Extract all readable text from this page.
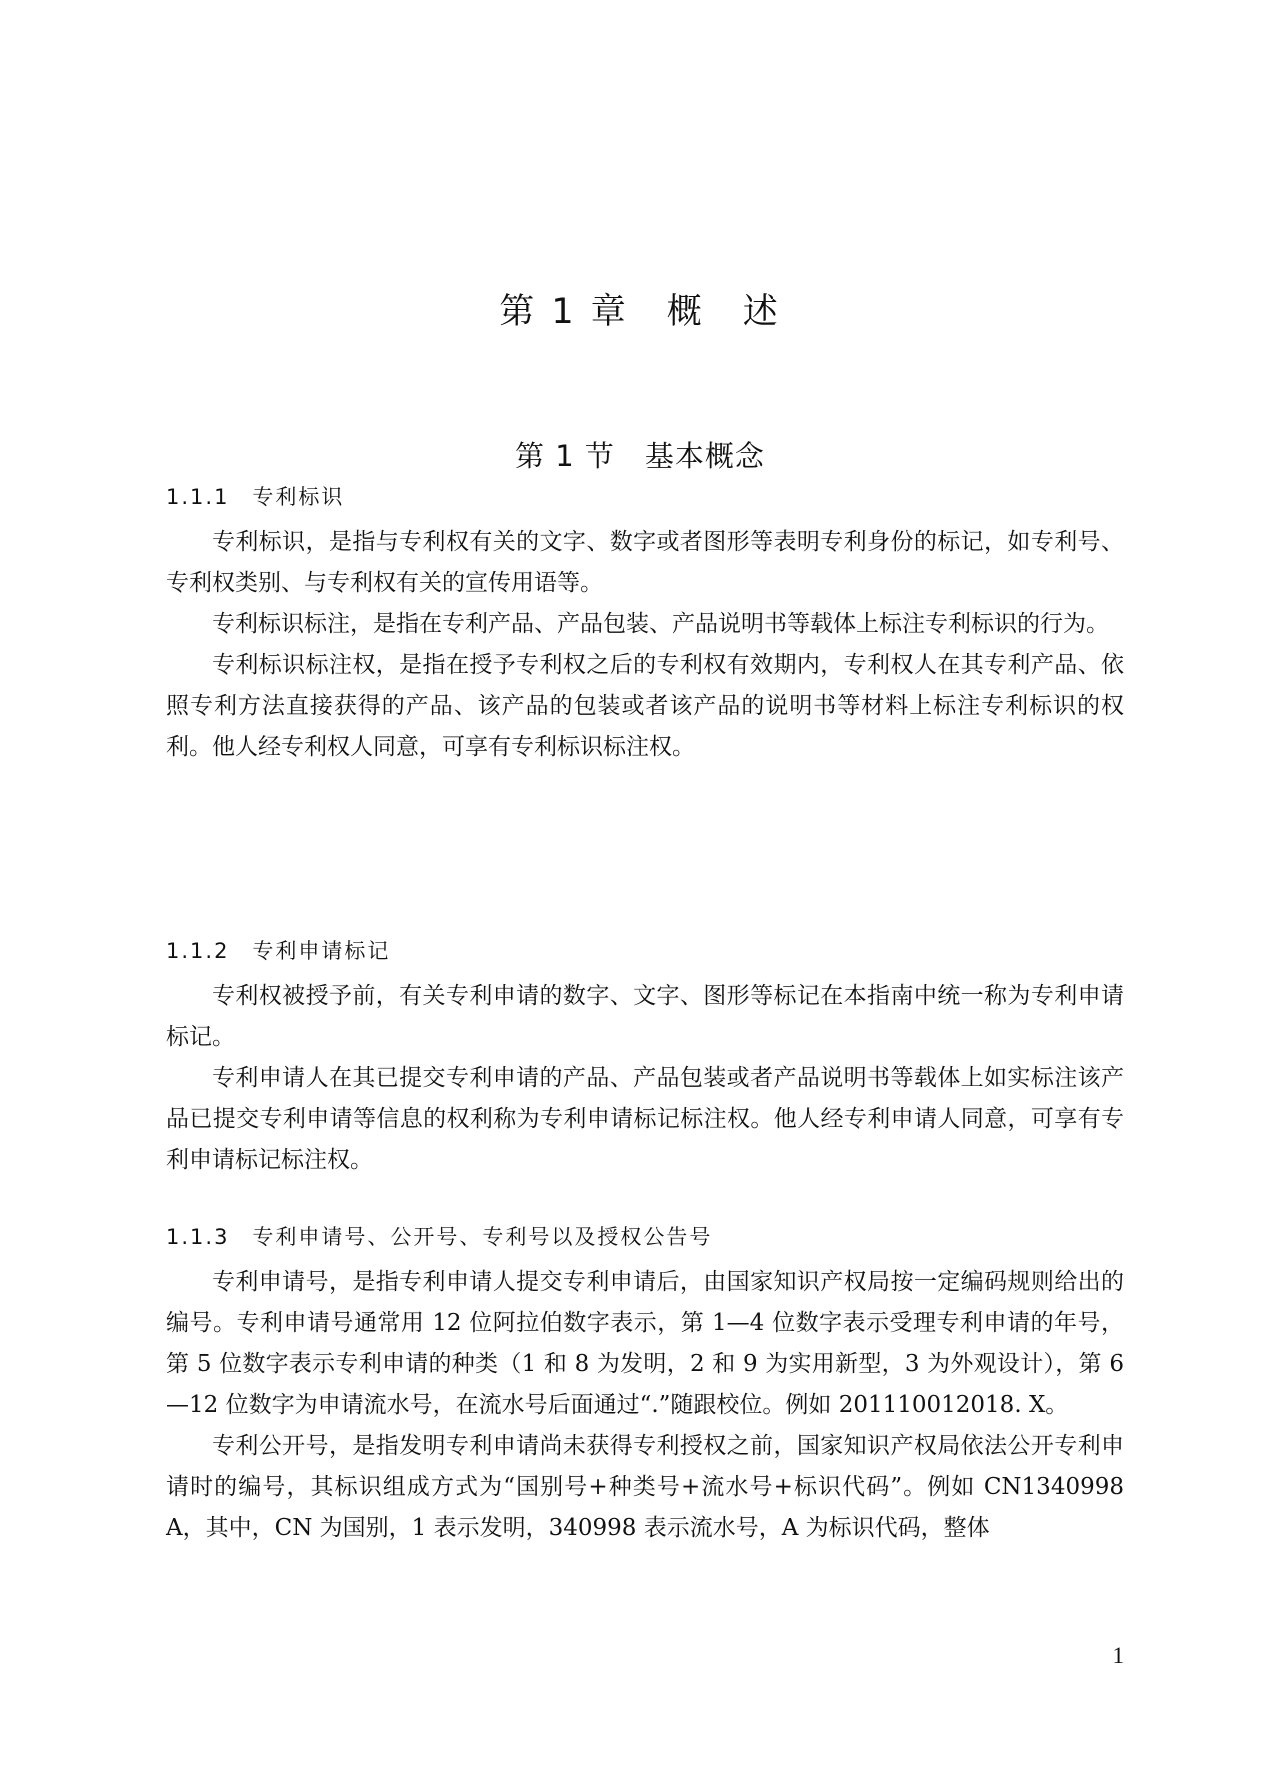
第 1 章　概　述
第 1 节　基本概念
1.1.1　专利标识

专利标识，是指与专利权有关的文字、数字或者图形等表明专利身份的标记，如专利号、专利权类别、与专利权有关的宣传用语等。

专利标识标注，是指在专利产品、产品包装、产品说明书等载体上标注专利标识的行为。

专利标识标注权，是指在授予专利权之后的专利权有效期内，专利权人在其专利产品、依照专利方法直接获得的产品、该产品的包装或者该产品的说明书等材料上标注专利标识的权利。他人经专利权人同意，可享有专利标识标注权。

1.1.2　专利申请标记

专利权被授予前，有关专利申请的数字、文字、图形等标记在本指南中统一称为专利申请标记。

专利申请人在其已提交专利申请的产品、产品包装或者产品说明书等载体上如实标注该产品已提交专利申请等信息的权利称为专利申请标记标注权。他人经专利申请人同意，可享有专利申请标记标注权。

1.1.3　专利申请号、公开号、专利号以及授权公告号

专利申请号，是指专利申请人提交专利申请后，由国家知识产权局按一定编码规则给出的编号。专利申请号通常用 12 位阿拉伯数字表示，第 1—4 位数字表示受理专利申请的年号，第 5 位数字表示专利申请的种类（1 和 8 为发明，2 和 9 为实用新型，3 为外观设计），第 6—12 位数字为申请流水号，在流水号后面通过“.”随跟校位。例如 201110012018. X。

专利公开号，是指发明专利申请尚未获得专利授权之前，国家知识产权局依法公开专利申请时的编号，其标识组成方式为“国别号+种类号+流水号+标识代码”。例如 CN1340998A，其中，CN 为国别，1 表示发明，340998 表示流水号，A 为标识代码，整体

1
